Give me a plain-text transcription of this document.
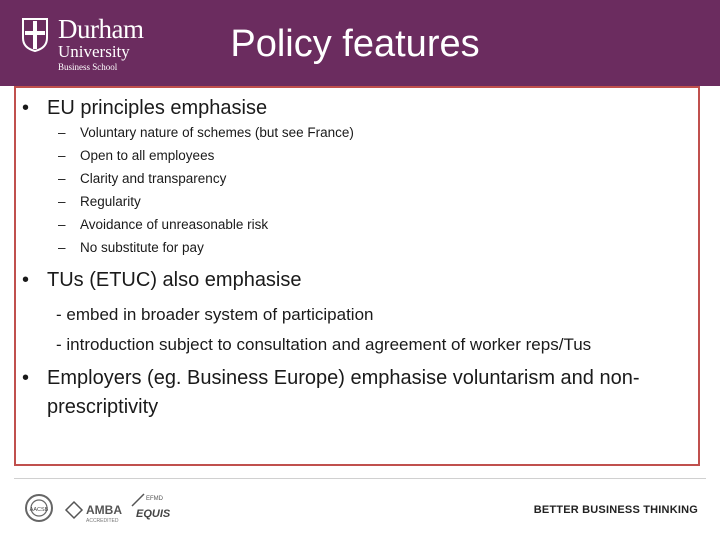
Durham
University
Business School
Policy features
• EU principles emphasise
– Voluntary nature of schemes (but see France)
– Open to all employees
– Clarity and transparency
– Regularity
– Avoidance of unreasonable risk
– No substitute for pay
• TUs (ETUC) also emphasise
- embed in broader system of participation
- introduction subject to consultation and agreement of worker reps/Tus
• Employers (eg. Business Europe) emphasise voluntarism and non-prescriptivity
AACSB	AMBA
ACCREDITED
EFMD
EQUIS	BETTER BUSINESS THINKING
